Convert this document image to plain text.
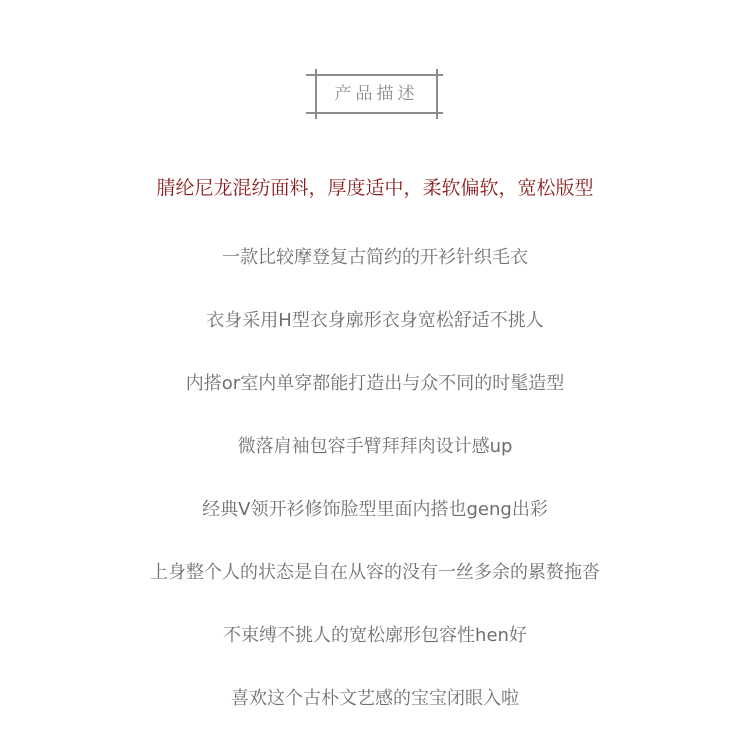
产品描述
腈纶尼龙混纺面料，厚度适中，柔软偏软，宽松版型
一款比较摩登复古简约的开衫针织毛衣
衣身采用H型衣身廓形衣身宽松舒适不挑人
内搭or室内单穿都能打造出与众不同的时髦造型
微落肩袖包容手臂拜拜肉设计感up
经典V领开衫修饰脸型里面内搭也geng出彩
上身整个人的状态是自在从容的没有一丝多余的累赘拖沓
不束缚不挑人的宽松廓形包容性hen好
喜欢这个古朴文艺感的宝宝闭眼入啦
